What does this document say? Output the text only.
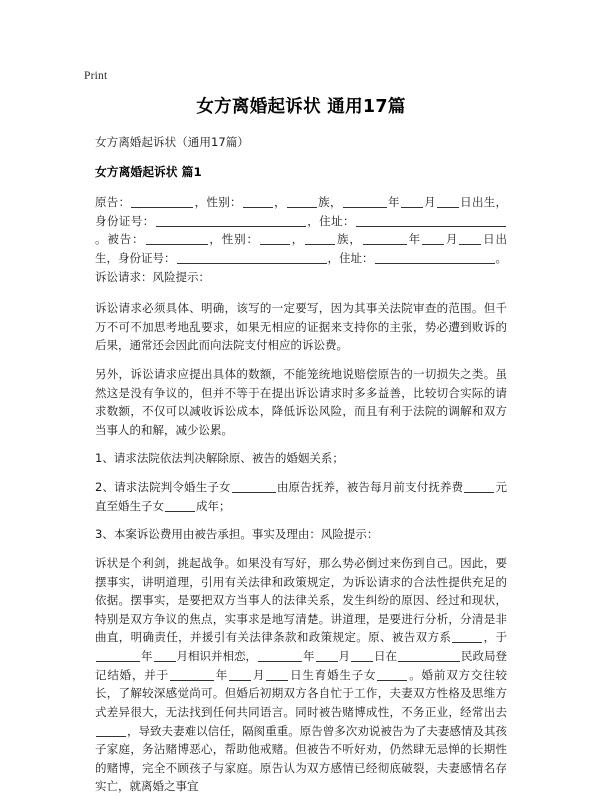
Print
女方离婚起诉状 通用17篇
女方离婚起诉状（通用17篇）
女方离婚起诉状 篇1
原告：	，性别：	，	族，	年 月 日出生，身份证号：	，住址：。被告：	，性别：	，	族，	年 月 日出生，身份证号：	，住址：	。诉讼请求：风险提示：

诉讼请求必须具体、明确，该写的一定要写，因为其事关法院审查的范围。但千万不可不加思考地乱要求，如果无相应的证据来支持你的主张，势必遭到败诉的后果，通常还会因此而向法院支付相应的诉讼费。

另外，诉讼请求应提出具体的数额，不能笼统地说赔偿原告的一切损失之类。虽然这是没有争议的，但并不等于在提出诉讼请求时多多益善，比较切合实际的请求数额，不仅可以减收诉讼成本，降低诉讼风险，而且有利于法院的调解和双方当事人的和解，减少讼累。

1、请求法院依法判决解除原、被告的婚姻关系；
2、请求法院判令婚生子女	由原告抚养，被告每月前支付抚养费	元直至婚生子女	成年；
3、本案诉讼费用由被告承担。事实及理由：风险提示：

诉状是个利剑，挑起战争。如果没有写好，那么势必倒过来伤到自己。因此，要摆事实，讲明道理，引用有关法律和政策规定，为诉讼请求的合法性提供充足的依据。摆事实，是要把双方当事人的法律关系，发生纠纷的原因、经过和现状，特别是双方争议的焦点，实事求是地写清楚。讲道理，是要进行分析，分清是非曲直，明确责任，并援引有关法律条款和政策规定。原、被告双方系	，于年 月相识并相恋，	年 月 日在	民政局登记结婚，并于	年 月 日生育婚生子女	。婚前双方交往较长，了解较深感觉尚可。但婚后初期双方各自忙于工作，夫妻双方性格及思维方式差异很大，无法找到任何共同语言。同时被告赌博成性，不务正业，经常出去，导致夫妻难以信任，隔阂重重。原告曾多次劝说被告为了夫妻感情及其孩子家庭，务沾赌博恶心，帮助他戒赌。但被告不听好劝，仍然肆无忌惮的长期性的赌博，完全不顾孩子与家庭。原告认为双方感情已经彻底破裂，夫妻感情名存实亡，就离婚之事宜
